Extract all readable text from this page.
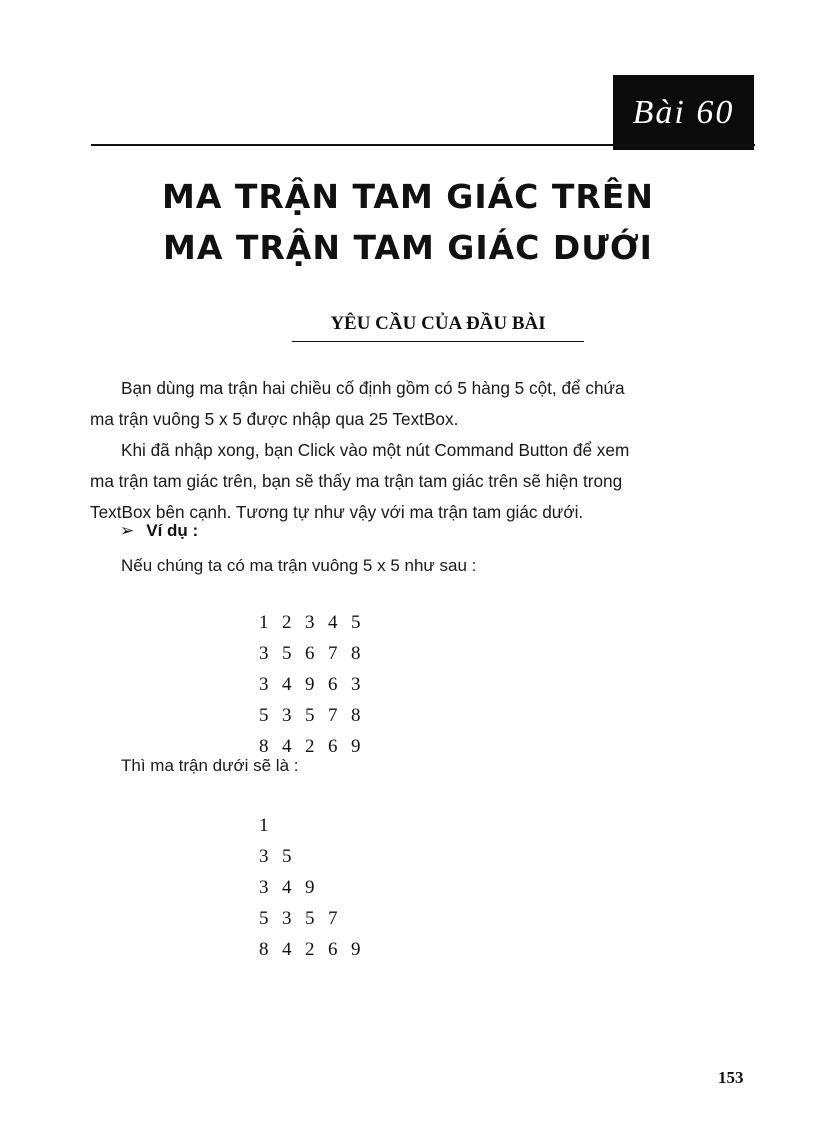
Bài 60
MA TRẬN TAM GIÁC TRÊN
MA TRẬN TAM GIÁC DƯỚI
YÊU CẦU CỦA ĐẦU BÀI
Bạn dùng ma trận hai chiều cố định gồm có 5 hàng 5 cột, để chứa
ma trận vuông 5 x 5 được nhập qua 25 TextBox.
Khi đã nhập xong, bạn Click vào một nút Command Button để xem
ma trận tam giác trên, bạn sẽ thấy ma trận tam giác trên sẽ hiện trong
TextBox bên cạnh. Tương tự như vậy với ma trận tam giác dưới.
➢ Ví dụ :
Nếu chúng ta có ma trận vuông 5 x 5 như sau :
1 2 3 4 5
3 5 6 7 8
3 4 9 6 3
5 3 5 7 8
8 4 2 6 9
Thì ma trận dưới sẽ là :
1
3 5
3 4 9
5 3 5 7
8 4 2 6 9
153
